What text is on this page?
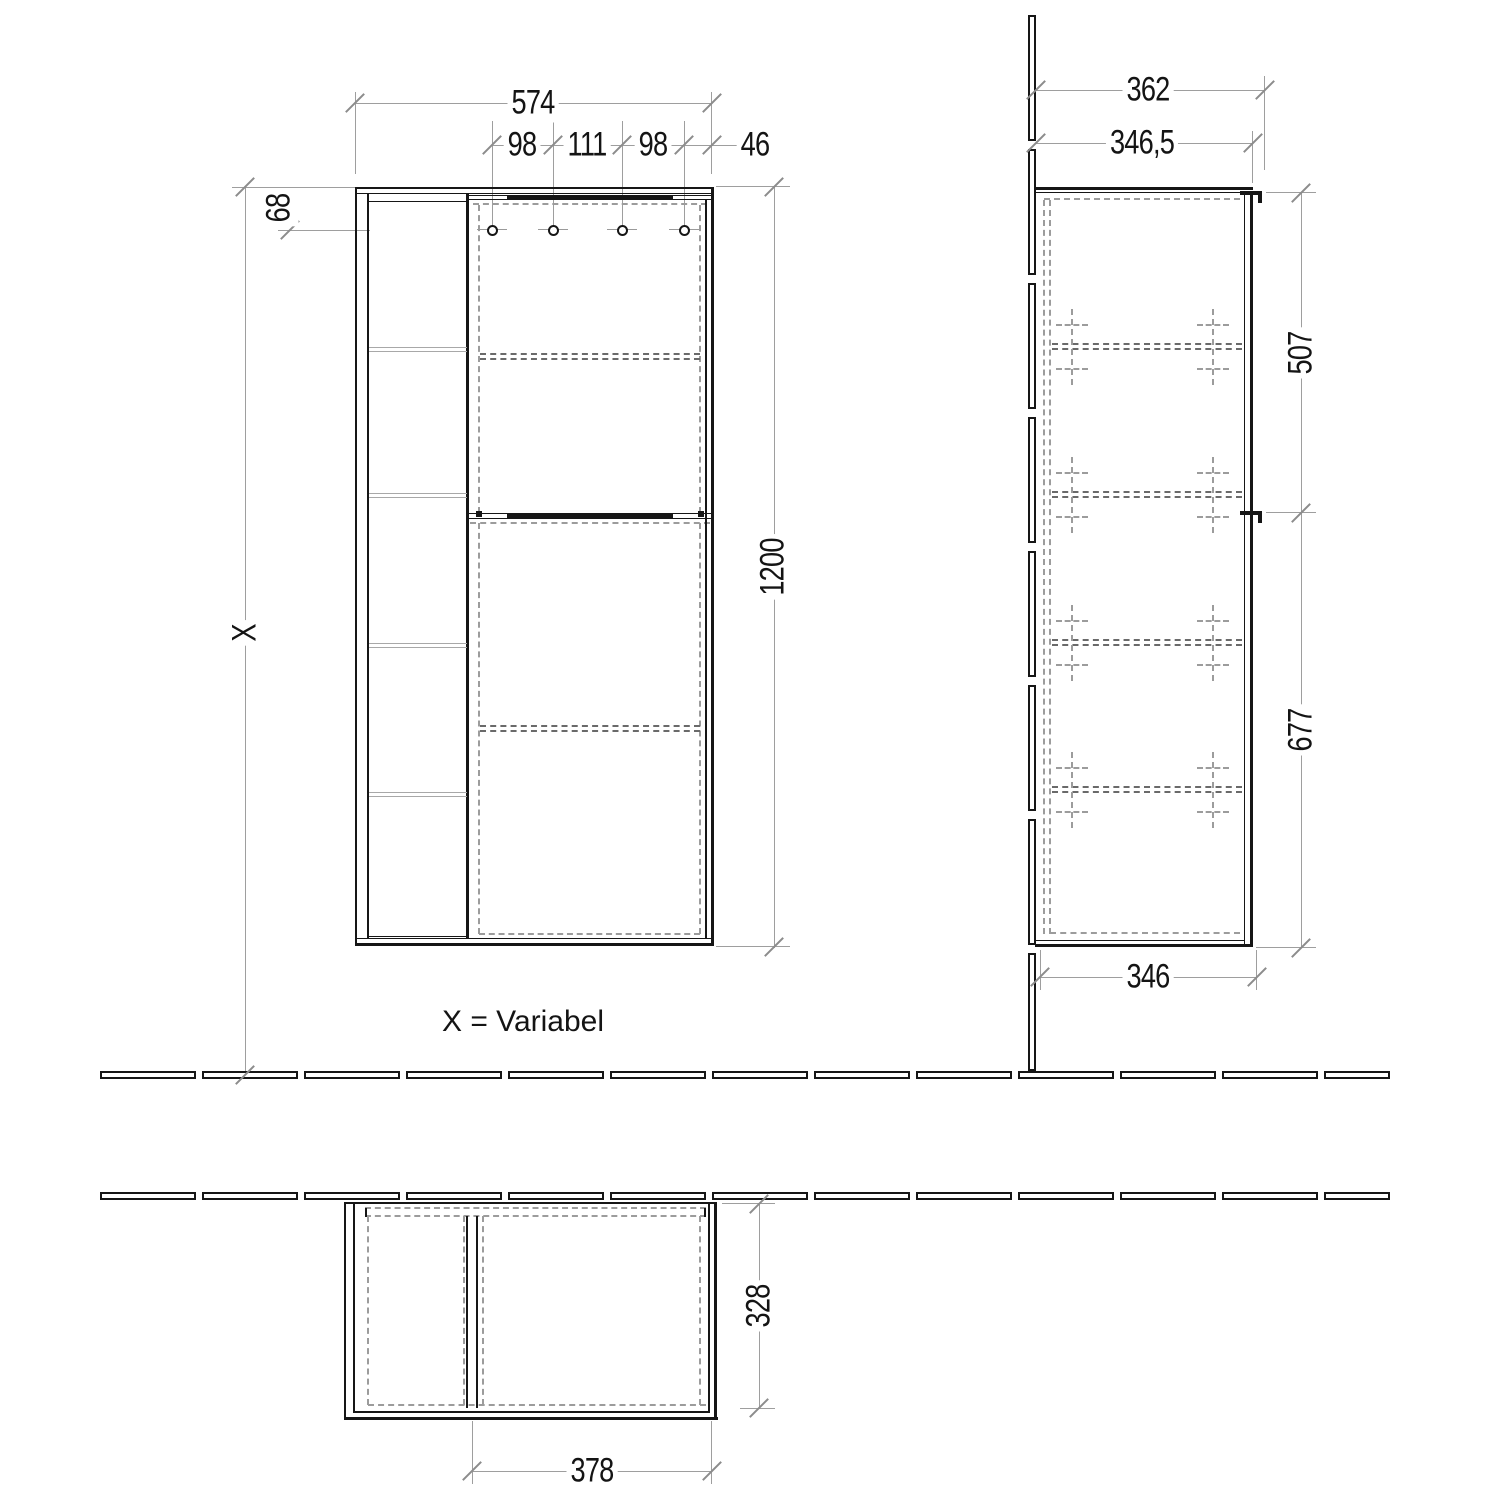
574
98 111 98 46
68
X
1200
362
346,5
507
677
346
328
378
X = Variabel
